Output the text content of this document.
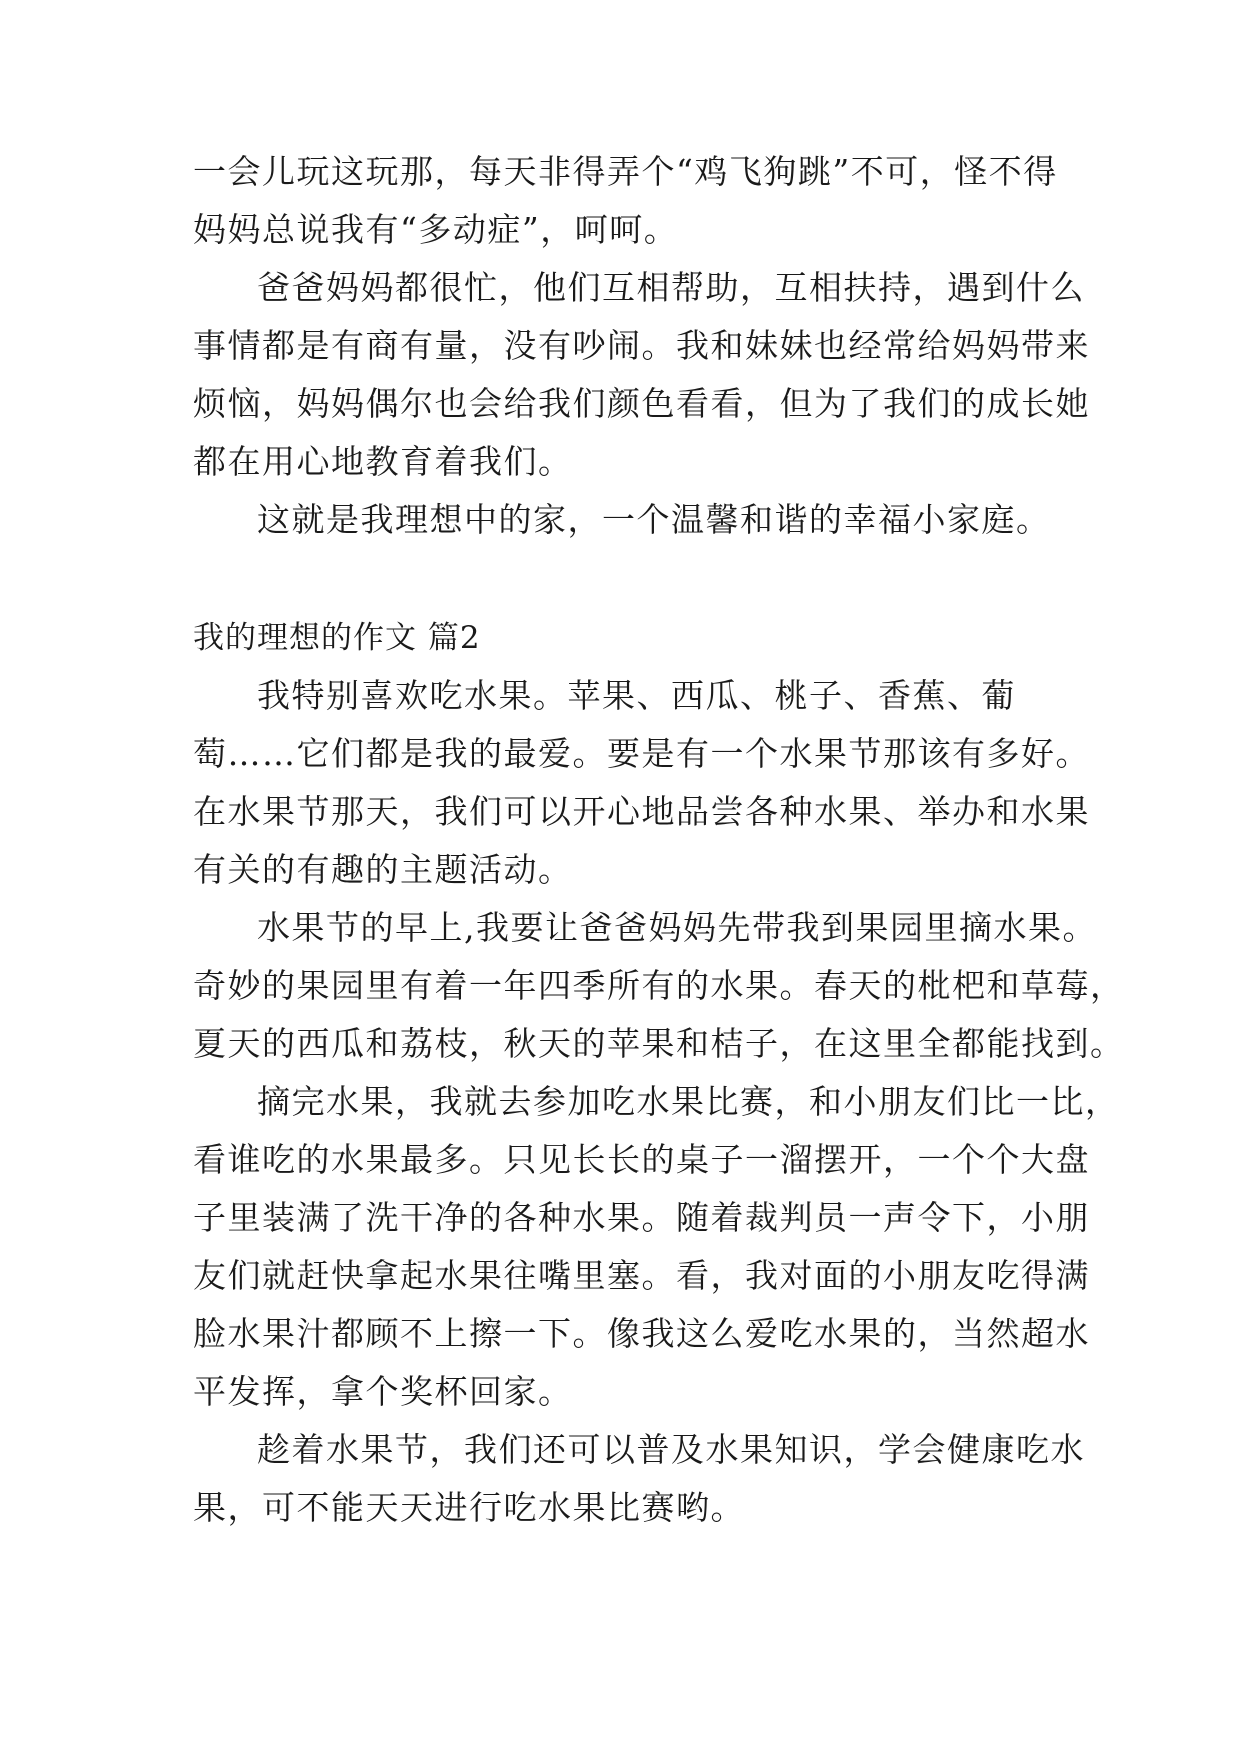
一会儿玩这玩那，每天非得弄个“鸡飞狗跳”不可，怪不得
妈妈总说我有“多动症”，呵呵。
爸爸妈妈都很忙，他们互相帮助，互相扶持，遇到什么
事情都是有商有量，没有吵闹。我和妹妹也经常给妈妈带来
烦恼，妈妈偶尔也会给我们颜色看看，但为了我们的成长她
都在用心地教育着我们。
这就是我理想中的家，一个温馨和谐的幸福小家庭。
我的理想的作文 篇2
我特别喜欢吃水果。苹果、西瓜、桃子、香蕉、葡
萄……它们都是我的最爱。要是有一个水果节那该有多好。
在水果节那天，我们可以开心地品尝各种水果、举办和水果
有关的有趣的主题活动。
水果节的早上,我要让爸爸妈妈先带我到果园里摘水果。
奇妙的果园里有着一年四季所有的水果。春天的枇杷和草莓，
夏天的西瓜和荔枝，秋天的苹果和桔子，在这里全都能找到。
摘完水果，我就去参加吃水果比赛，和小朋友们比一比，
看谁吃的水果最多。只见长长的桌子一溜摆开，一个个大盘
子里装满了洗干净的各种水果。随着裁判员一声令下，小朋
友们就赶快拿起水果往嘴里塞。看，我对面的小朋友吃得满
脸水果汁都顾不上擦一下。像我这么爱吃水果的，当然超水
平发挥，拿个奖杯回家。
趁着水果节，我们还可以普及水果知识，学会健康吃水
果，可不能天天进行吃水果比赛哟。
